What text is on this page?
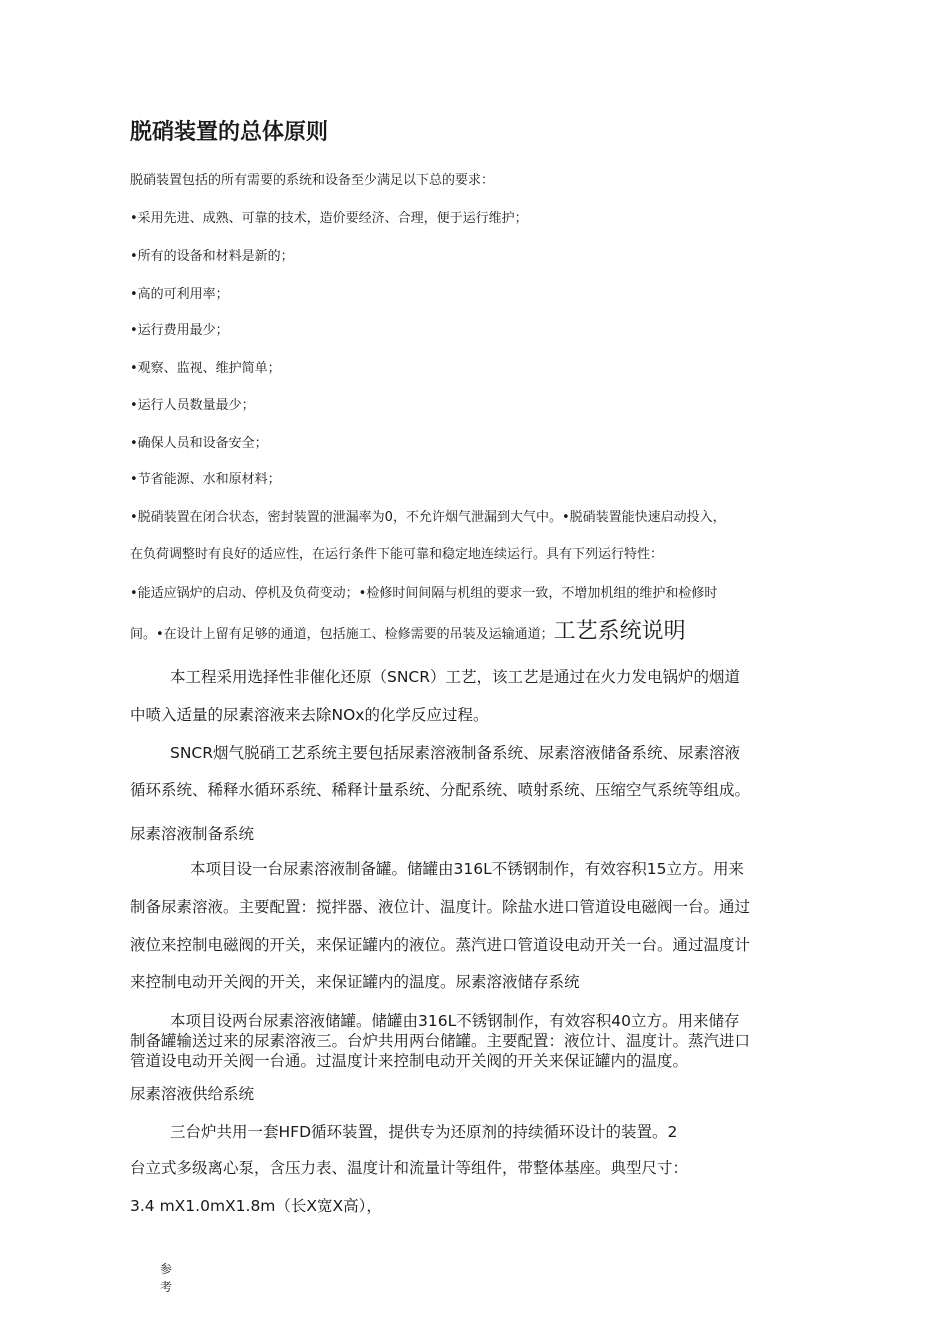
脱硝装置的总体原则

脱硝装置包括的所有需要的系统和设备至少满足以下总的要求：

•采用先进、成熟、可靠的技术，造价要经济、合理，便于运行维护；

•所有的设备和材料是新的；

•高的可利用率；

•运行费用最少；

•观察、监视、维护简单；

•运行人员数量最少；

•确保人员和设备安全；

•节省能源、水和原材料；

•脱硝装置在闭合状态，密封装置的泄漏率为0，不允许烟气泄漏到大气中。•脱硝装置能快速启动投入，

在负荷调整时有良好的适应性，在运行条件下能可靠和稳定地连续运行。具有下列运行特性：

•能适应锅炉的启动、停机及负荷变动；•检修时间间隔与机组的要求一致，不增加机组的维护和检修时

间。•在设计上留有足够的通道，包括施工、检修需要的吊装及运输通道；工艺系统说明

本工程采用选择性非催化还原（SNCR）工艺，该工艺是通过在火力发电锅炉的烟道

中喷入适量的尿素溶液来去除NOx的化学反应过程。

SNCR烟气脱硝工艺系统主要包括尿素溶液制备系统、尿素溶液储备系统、尿素溶液

循环系统、稀释水循环系统、稀释计量系统、分配系统、喷射系统、压缩空气系统等组成。

尿素溶液制备系统

本项目设一台尿素溶液制备罐。储罐由316L不锈钢制作，有效容积15立方。用来

制备尿素溶液。主要配置：搅拌器、液位计、温度计。除盐水进口管道设电磁阀一台。通过

液位来控制电磁阀的开关，来保证罐内的液位。蒸汽进口管道设电动开关一台。通过温度计

来控制电动开关阀的开关，来保证罐内的温度。尿素溶液储存系统

本项目设两台尿素溶液储罐。储罐由316L不锈钢制作，有效容积40立方。用来储存

制备罐输送过来的尿素溶液三。台炉共用两台储罐。主要配置：液位计、温度计。蒸汽进口

管道设电动开关阀一台通。过温度计来控制电动开关阀的开关来保证罐内的温度。

尿素溶液供给系统

三台炉共用一套HFD循环装置，提供专为还原剂的持续循环设计的装置。2

台立式多级离心泵，含压力表、温度计和流量计等组件，带整体基座。典型尺寸：

3.4 mX1.0mX1.8m（长X宽X高），

参考
